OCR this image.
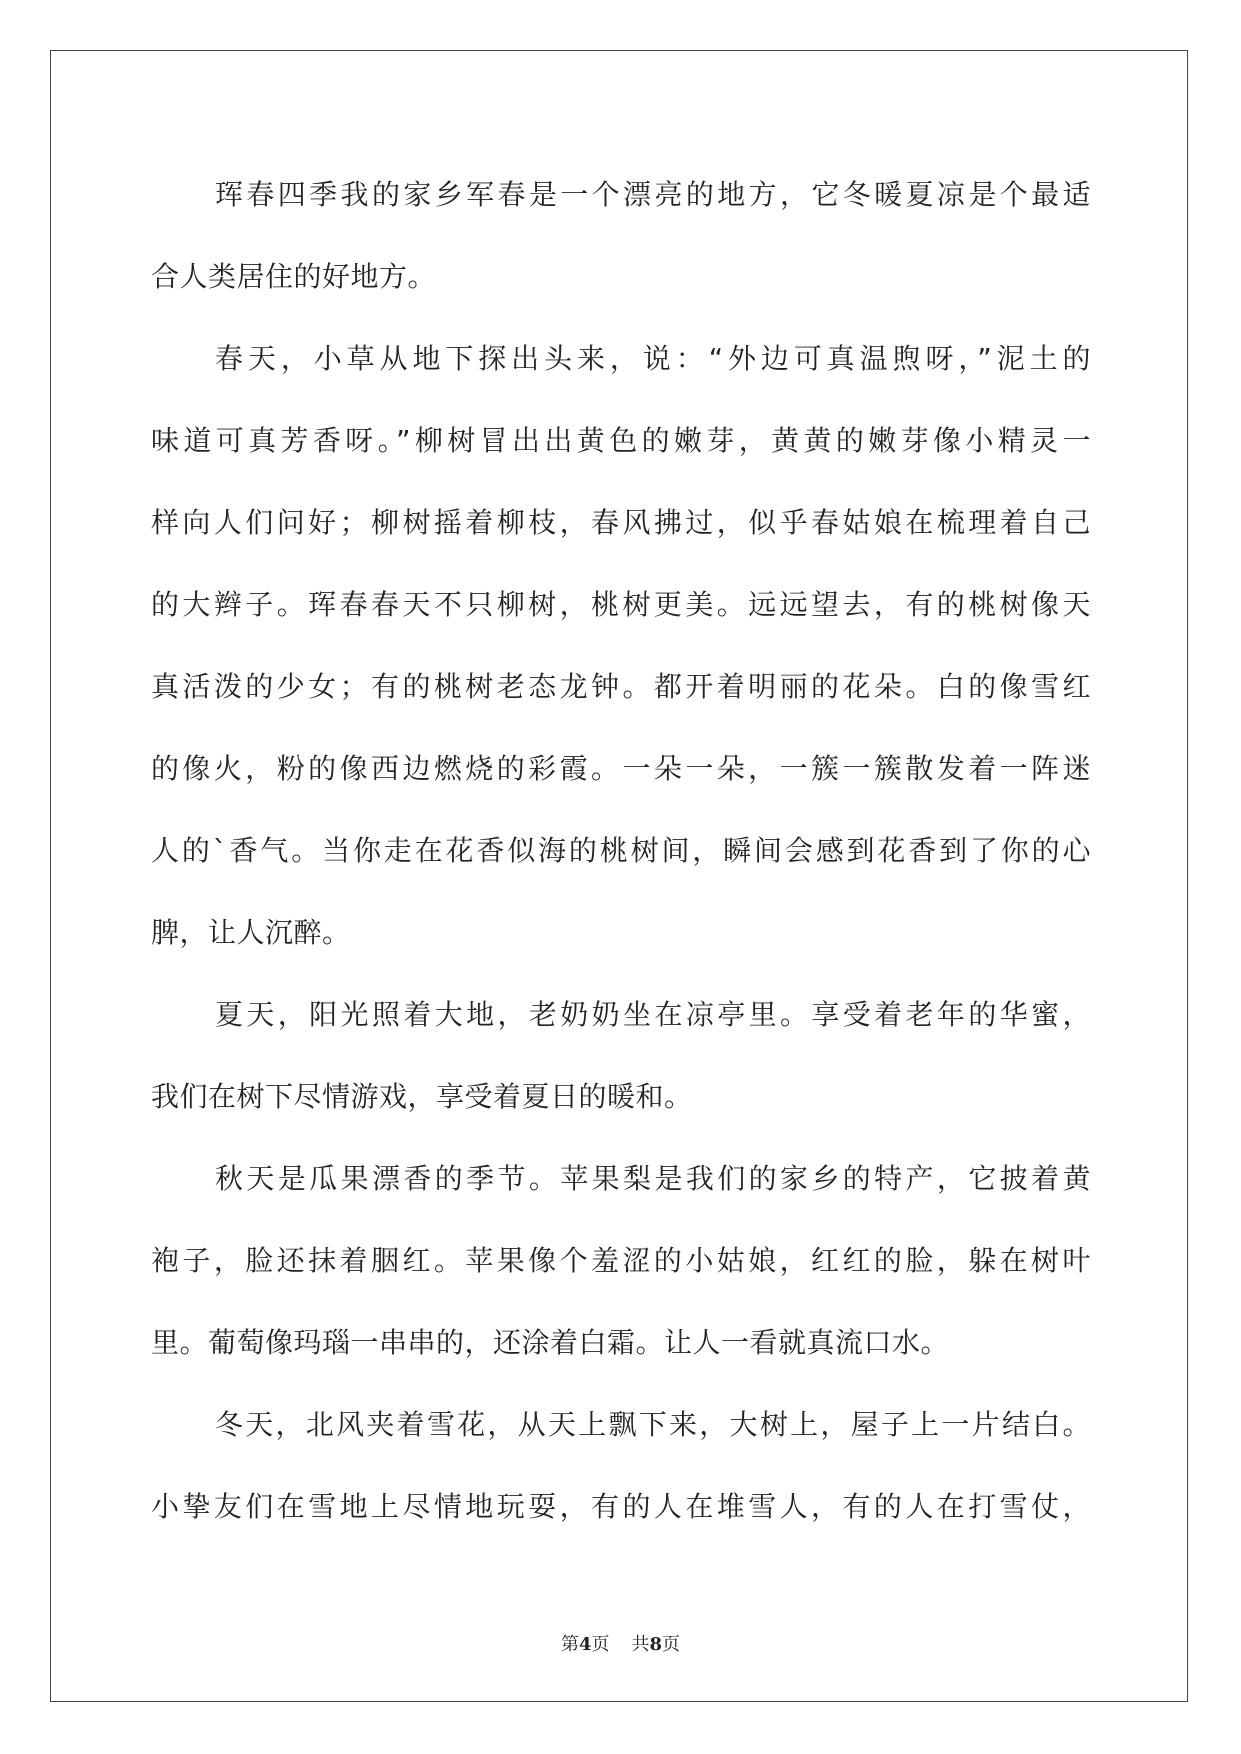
珲春四季我的家乡军春是一个漂亮的地方，它冬暖夏凉是个最适
合人类居住的好地方。
春天，小草从地下探出头来，说：“外边可真温煦呀，”泥土的
味道可真芳香呀。”柳树冒出出黄色的嫩芽，黄黄的嫩芽像小精灵一
样向人们问好；柳树摇着柳枝，春风拂过，似乎春姑娘在梳理着自己
的大辫子。珲春春天不只柳树，桃树更美。远远望去，有的桃树像天
真活泼的少女；有的桃树老态龙钟。都开着明丽的花朵。白的像雪红
的像火，粉的像西边燃烧的彩霞。一朵一朵，一簇一簇散发着一阵迷
人的`香气。当你走在花香似海的桃树间，瞬间会感到花香到了你的心
脾，让人沉醉。
夏天，阳光照着大地，老奶奶坐在凉亭里。享受着老年的华蜜，
我们在树下尽情游戏，享受着夏日的暖和。
秋天是瓜果漂香的季节。苹果梨是我们的家乡的特产，它披着黄
袍子，脸还抹着胭红。苹果像个羞涩的小姑娘，红红的脸，躲在树叶
里。葡萄像玛瑙一串串的，还涂着白霜。让人一看就真流口水。
冬天，北风夹着雪花，从天上飘下来，大树上，屋子上一片结白。
小挚友们在雪地上尽情地玩耍，有的人在堆雪人，有的人在打雪仗，
第4页 共8页
